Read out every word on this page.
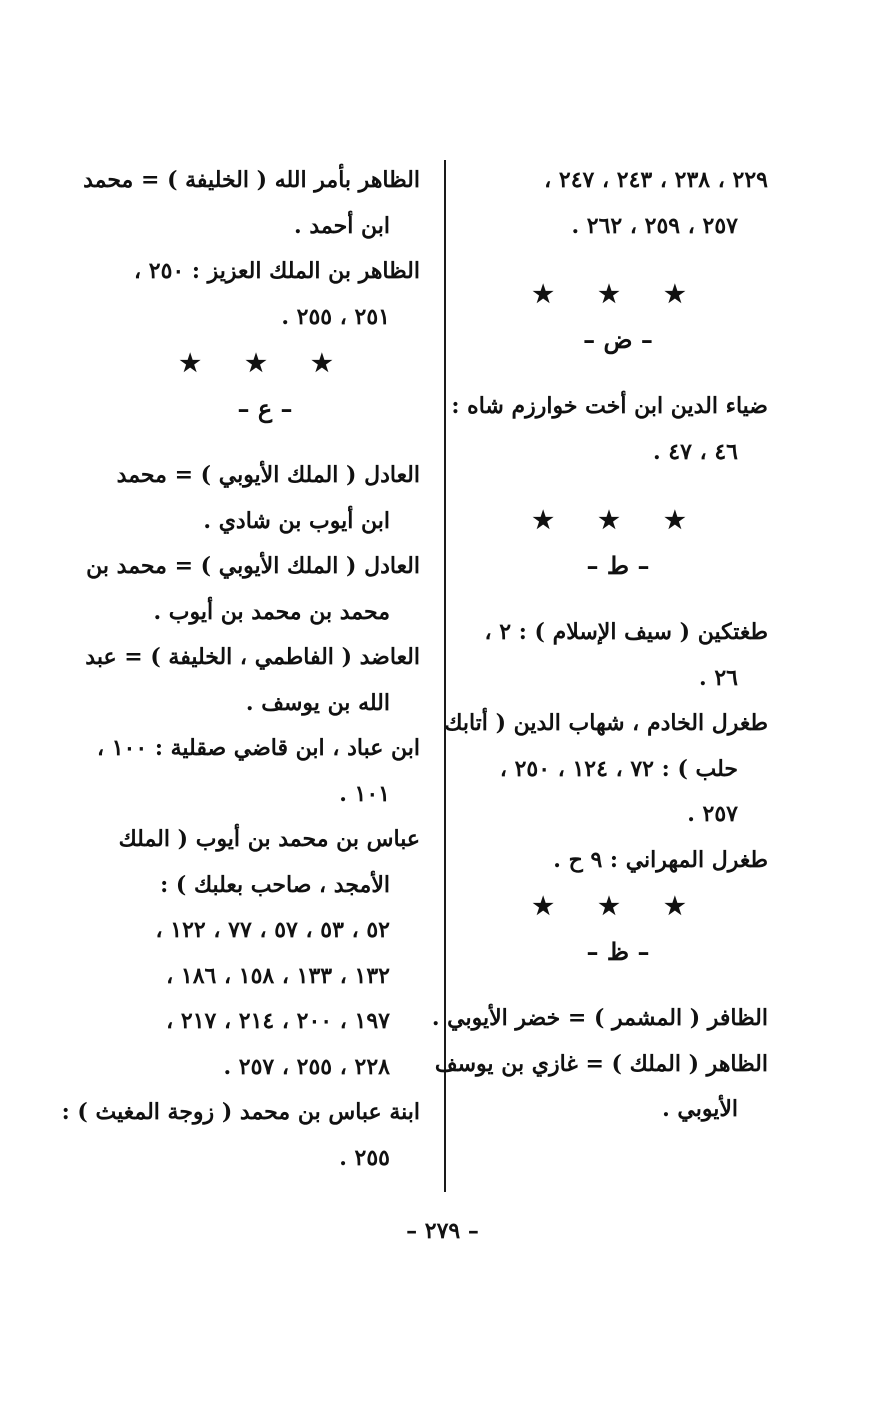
الظاهر بأمر الله ( الخليفة ) = محمد
ابن أحمد .
الظاهر بن الملك العزيز : ٢٥٠ ،
٢٥١ ، ٢٥٥ .
★ ★ ★
– ع –
العادل ( الملك الأيوبي ) = محمد
ابن أيوب بن شادي .
العادل ( الملك الأيوبي ) = محمد بن
محمد بن محمد بن أيوب .
العاضد ( الفاطمي ، الخليفة ) = عبد
الله بن يوسف .
ابن عباد ، ابن قاضي صقلية : ١٠٠ ،
١٠١ .
عباس بن محمد بن أيوب ( الملك
الأمجد ، صاحب بعلبك ) :
٥٢ ، ٥٣ ، ٥٧ ، ٧٧ ، ١٢٢ ،
١٣٢ ، ١٣٣ ، ١٥٨ ، ١٨٦ ،
١٩٧ ، ٢٠٠ ، ٢١٤ ، ٢١٧ ،
٢٢٨ ، ٢٥٥ ، ٢٥٧ .
ابنة عباس بن محمد ( زوجة المغيث ) :
٢٥٥ .
٢٢٩ ، ٢٣٨ ، ٢٤٣ ، ٢٤٧ ،
٢٥٧ ، ٢٥٩ ، ٢٦٢ .
★ ★ ★
– ض –
ضياء الدين ابن أخت خوارزم شاه :
٤٦ ، ٤٧ .
★ ★ ★
– ط –
طغتكين ( سيف الإسلام ) : ٢ ،
٢٦ .
طغرل الخادم ، شهاب الدين ( أتابك
حلب ) : ٧٢ ، ١٢٤ ، ٢٥٠ ،
٢٥٧ .
طغرل المهراني : ٩ ح .
★ ★ ★
– ظ –
الظافر ( المشمر ) = خضر الأيوبي .
الظاهر ( الملك ) = غازي بن يوسف
الأيوبي .
– ٢٧٩ –
